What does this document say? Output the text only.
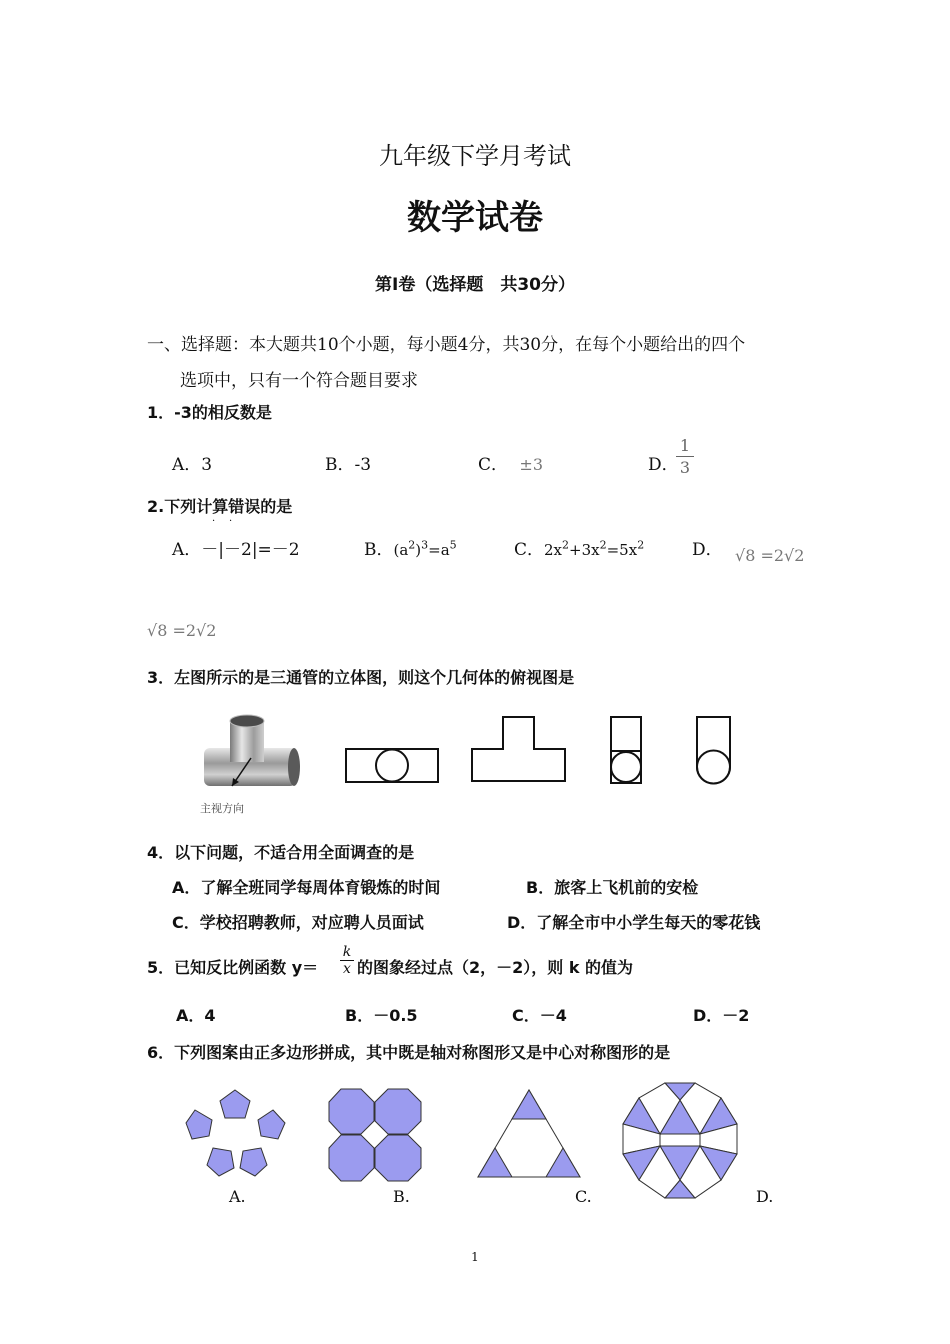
九年级下学月考试
数学试卷
第Ⅰ卷（选择题　共30分）
一、选择题：本大题共10个小题，每小题4分，共30分，在每个小题给出的四个
选项中，只有一个符合题目要求
1．-3的相反数是
A．3	B．-3	C． ±3	D．
1
3
2.下列计算错误的是
· ·
A．－|－2|=－2	B．$(a^2)^3=a^5$	C．$2x^2+3x^2=5x^2$	D． √8 =2√2
√8 =2√2
3．左图所示的是三通管的立体图，则这个几何体的俯视图是
主视方向
4．以下问题，不适合用全面调查的是
A．了解全班同学每周体育锻炼的时间	B．旅客上飞机前的安检
C．学校招聘教师，对应聘人员面试	D．了解全市中小学生每天的零花钱
5．已知反比例函数 y＝
k
x 的图象经过点（2，－2），则 k 的值为
A．4	B．－0.5	C．－4	D．－2
6．下列图案由正多边形拼成，其中既是轴对称图形又是中心对称图形的是
A.	B.	C.	D.
1
